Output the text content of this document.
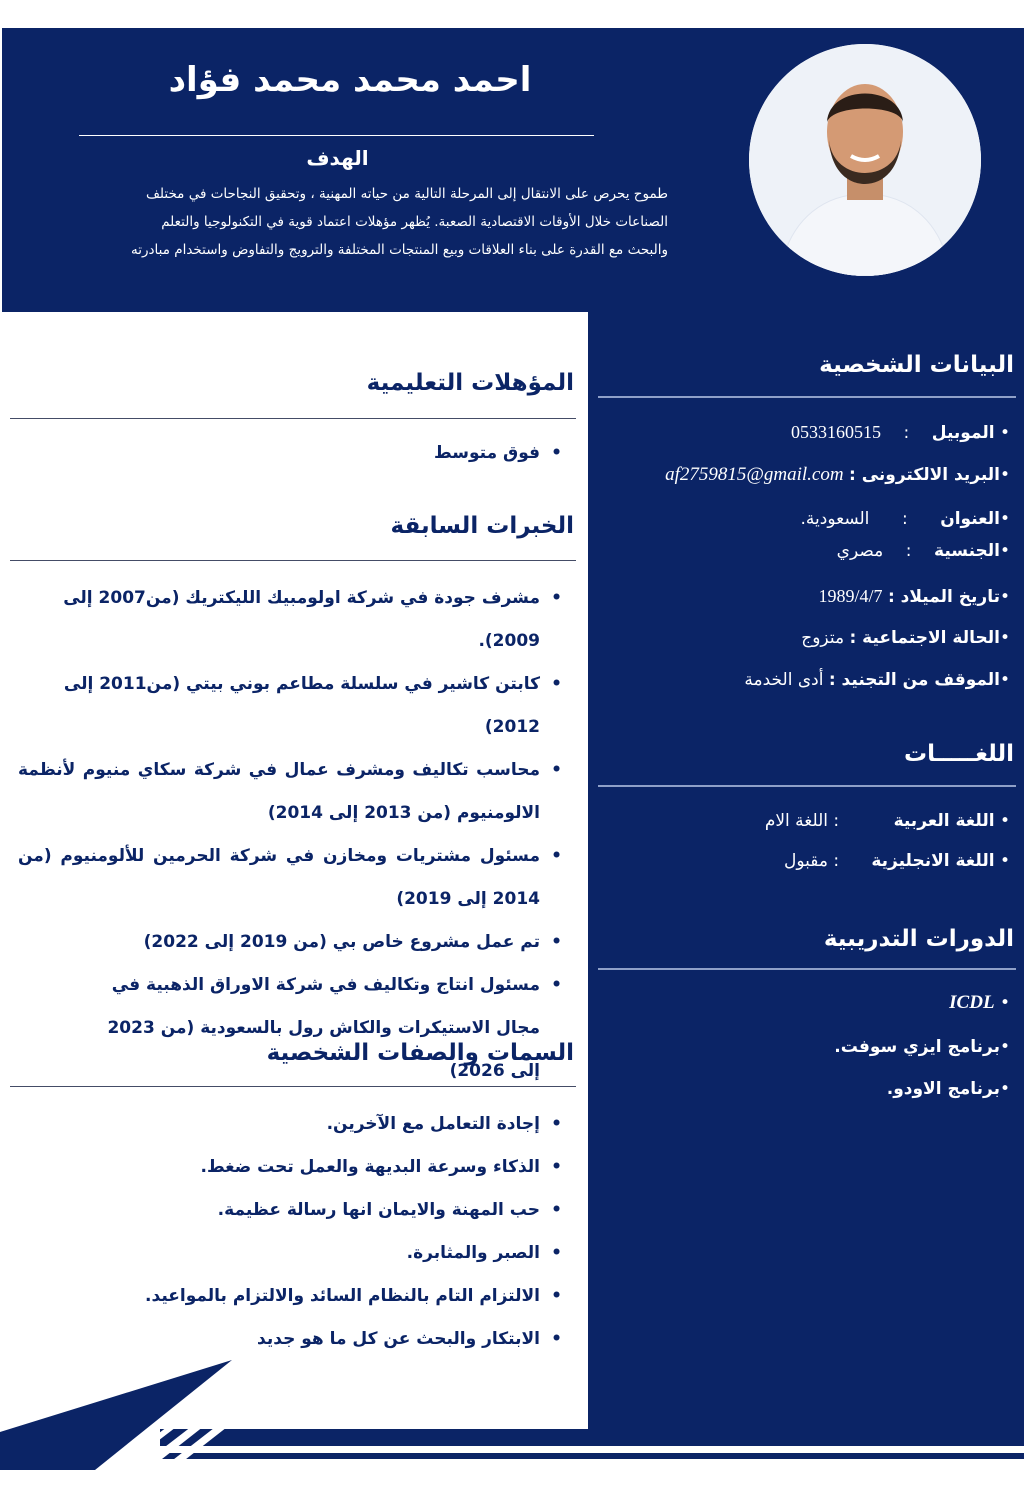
احمد محمد محمد فؤاد
الهدف
طموح يحرص على الانتقال إلى المرحلة التالية من حياته المهنية ، وتحقيق النجاحات في مختلف
الصناعات خلال الأوقات الاقتصادية الصعبة. يُظهر مؤهلات اعتماد قوية في التكنولوجيا والتعلم
والبحث مع القدرة على بناء العلاقات وبيع المنتجات المختلفة والترويج والتفاوض واستخدام مبادرته
البيانات الشخصية
• الموبيل : 0533160515
•البريد الالكترونى : af2759815@gmail.com
•العنوان : السعودية.
•الجنسية : مصري
•تاريخ الميلاد : 1989/4/7
•الحالة الاجتماعية : متزوج
•الموقف من التجنيد : أدى الخدمة
اللغـــــات
• اللغة العربية : اللغة الام
• اللغة الانجليزية : مقبول
الدورات التدريبية
• ICDL
•برنامج ايزي سوفت.
•برنامج الاودو.
المؤهلات التعليمية
• فوق متوسط
الخبرات السابقة
• مشرف جودة في شركة اولومبيك الليكتريك (من2007 إلى 2009).
• كابتن كاشير في سلسلة مطاعم بوني بيتي (من2011 إلى 2012)
• محاسب تكاليف ومشرف عمال في شركة سكاي منيوم لأنظمة الالومنيوم (من 2013 إلى 2014)
• مسئول مشتريات ومخازن في شركة الحرمين للألومنيوم (من 2014 إلى 2019)
• تم عمل مشروع خاص بي (من 2019 إلى 2022)
• مسئول انتاج وتكاليف في شركة الاوراق الذهبية في مجال الاستيكرات والكاش رول بالسعودية (من 2023 إلى 2026)
السمات والصفات الشخصية
• إجادة التعامل مع الآخرين.
• الذكاء وسرعة البديهة والعمل تحت ضغط.
• حب المهنة والايمان انها رسالة عظيمة.
• الصبر والمثابرة.
• الالتزام التام بالنظام السائد والالتزام بالمواعيد.
• الابتكار والبحث عن كل ما هو جديد
